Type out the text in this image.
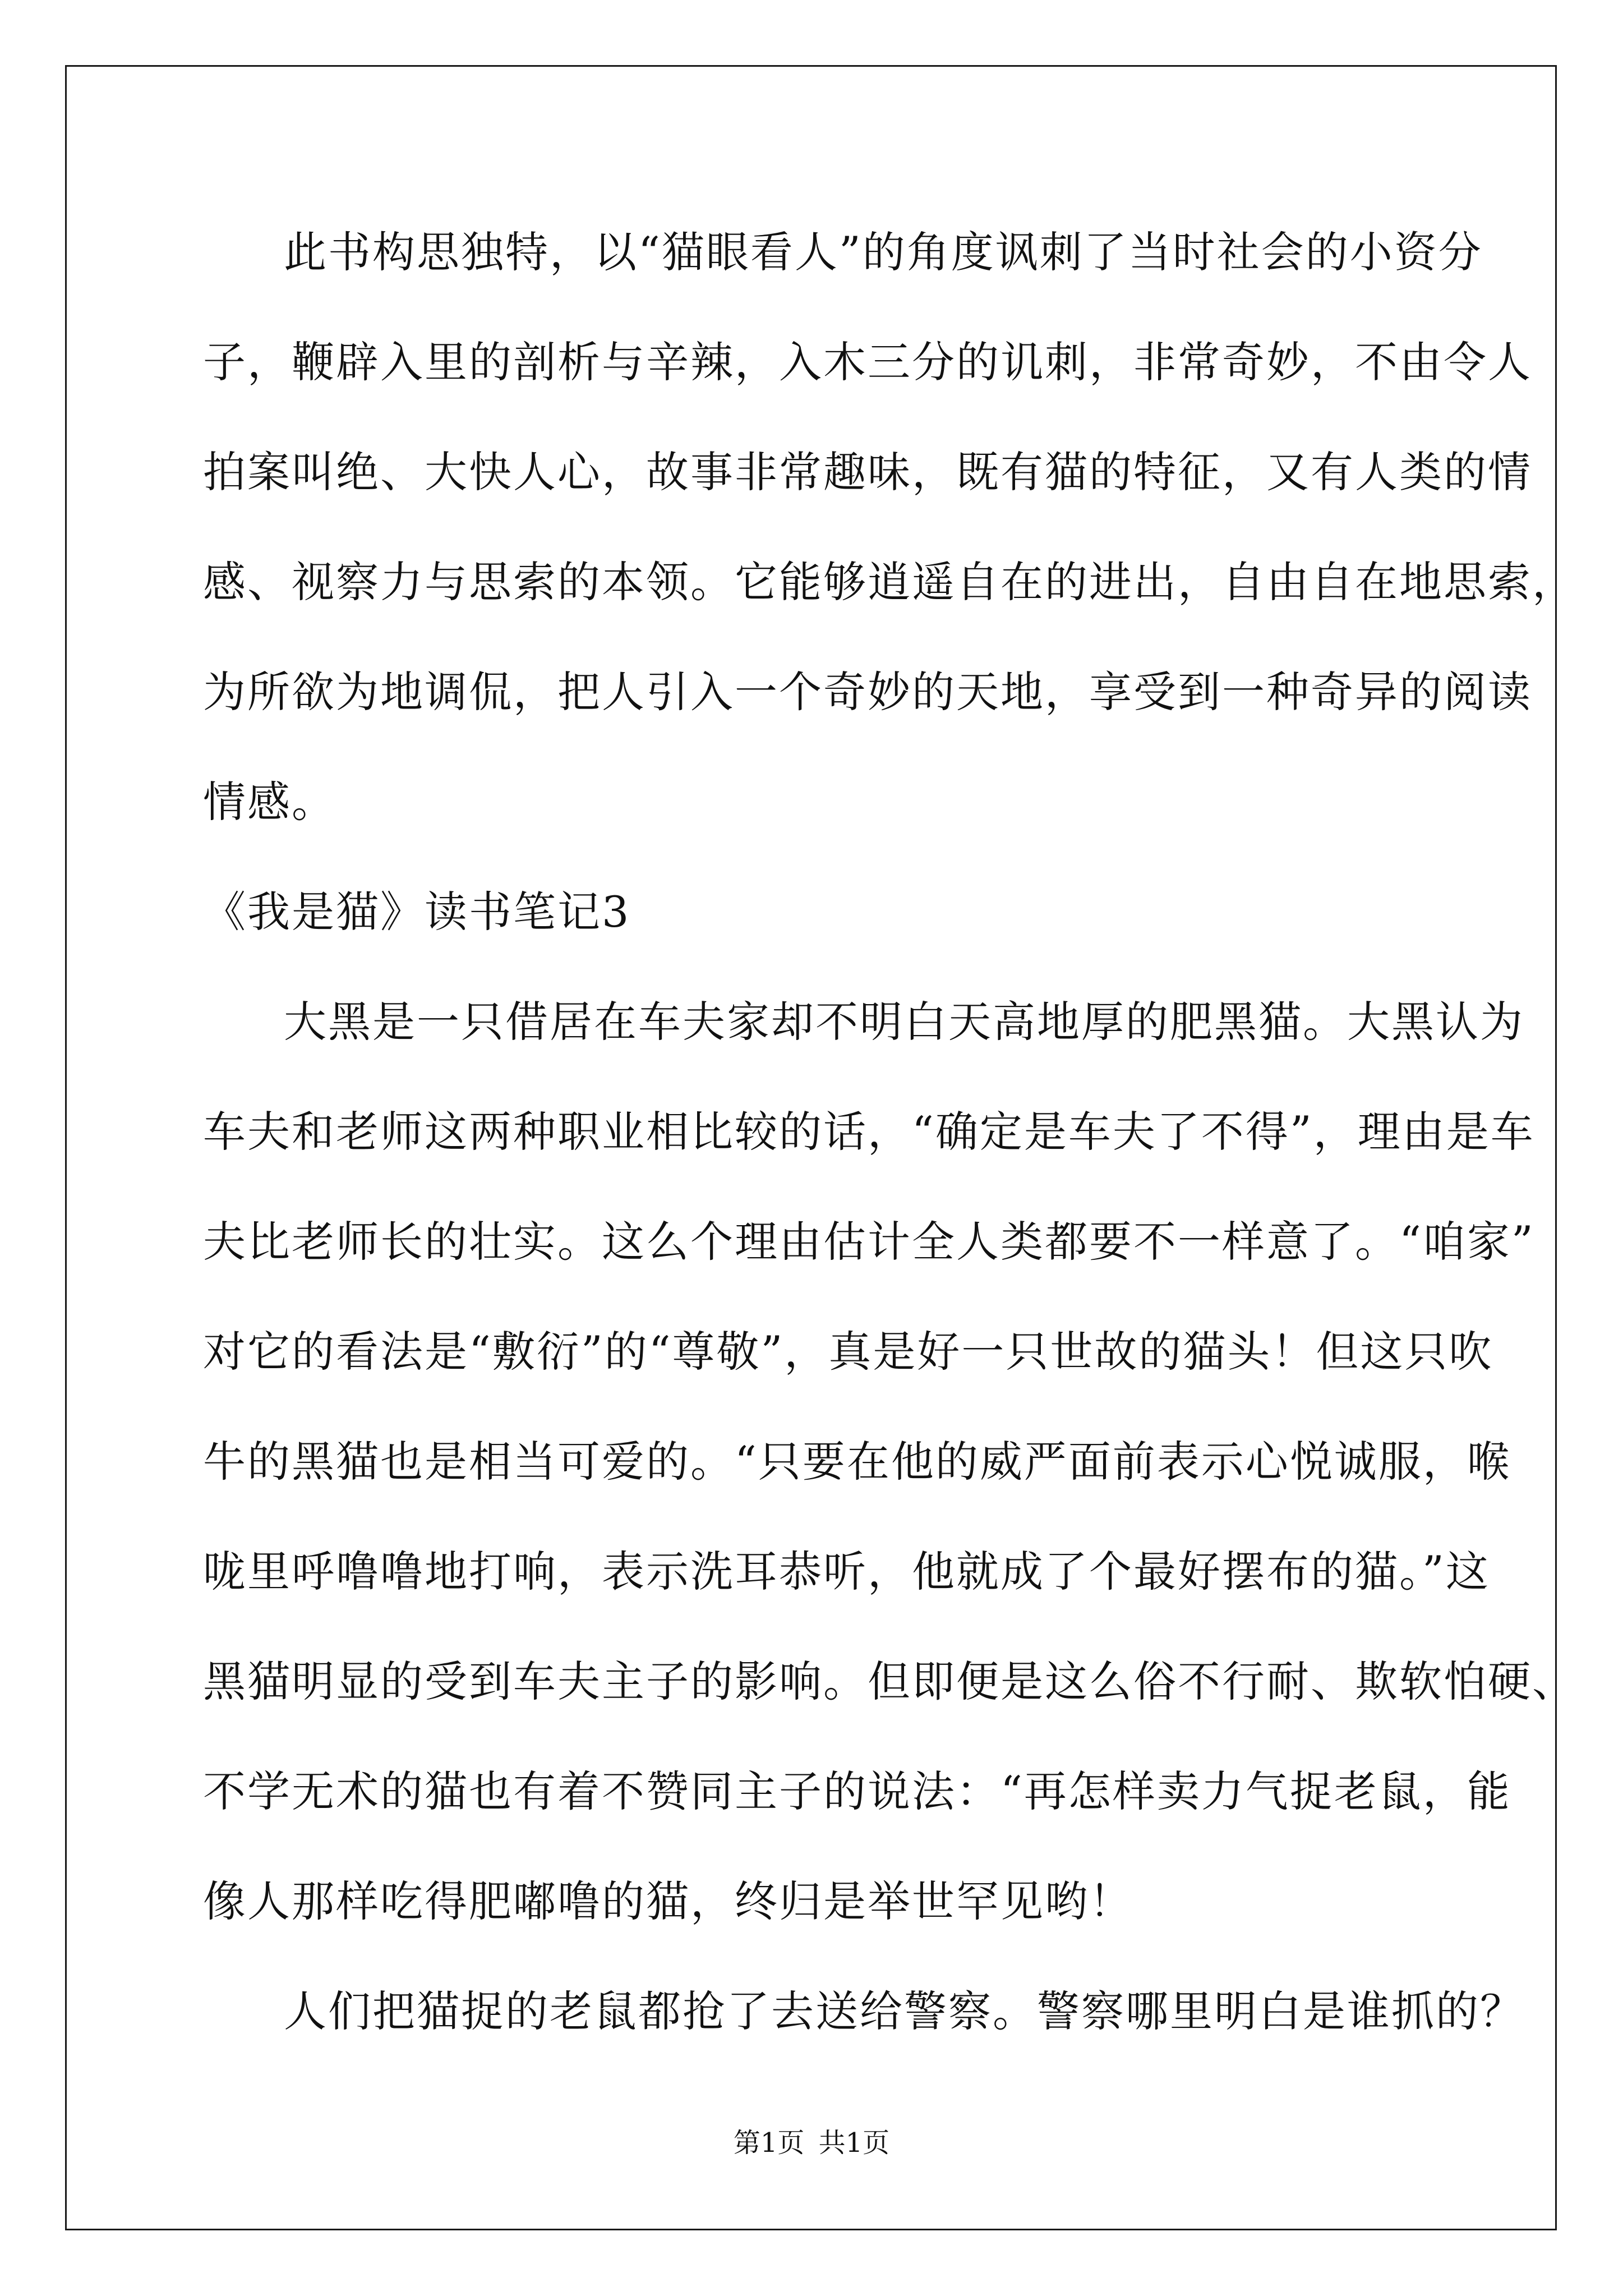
此书构思独特，以“猫眼看人”的角度讽刺了当时社会的小资分
子，鞭辟入里的剖析与辛辣，入木三分的讥刺，非常奇妙，不由令人
拍案叫绝、大快人心，故事非常趣味，既有猫的特征，又有人类的情
感、视察力与思索的本领。它能够逍遥自在的进出，自由自在地思索，
为所欲为地调侃，把人引入一个奇妙的天地，享受到一种奇异的阅读
情感。
《我是猫》读书笔记3
大黑是一只借居在车夫家却不明白天高地厚的肥黑猫。大黑认为
车夫和老师这两种职业相比较的话，“确定是车夫了不得”，理由是车
夫比老师长的壮实。这么个理由估计全人类都要不一样意了。“咱家”
对它的看法是“敷衍”的“尊敬”，真是好一只世故的猫头！但这只吹
牛的黑猫也是相当可爱的。“只要在他的威严面前表示心悦诚服，喉
咙里呼噜噜地打响，表示洗耳恭听，他就成了个最好摆布的猫。”这
黑猫明显的受到车夫主子的影响。但即便是这么俗不行耐、欺软怕硬、
不学无术的猫也有着不赞同主子的说法：“再怎样卖力气捉老鼠，能
像人那样吃得肥嘟噜的猫，终归是举世罕见哟！
人们把猫捉的老鼠都抢了去送给警察。警察哪里明白是谁抓的？
第1页 共1页
